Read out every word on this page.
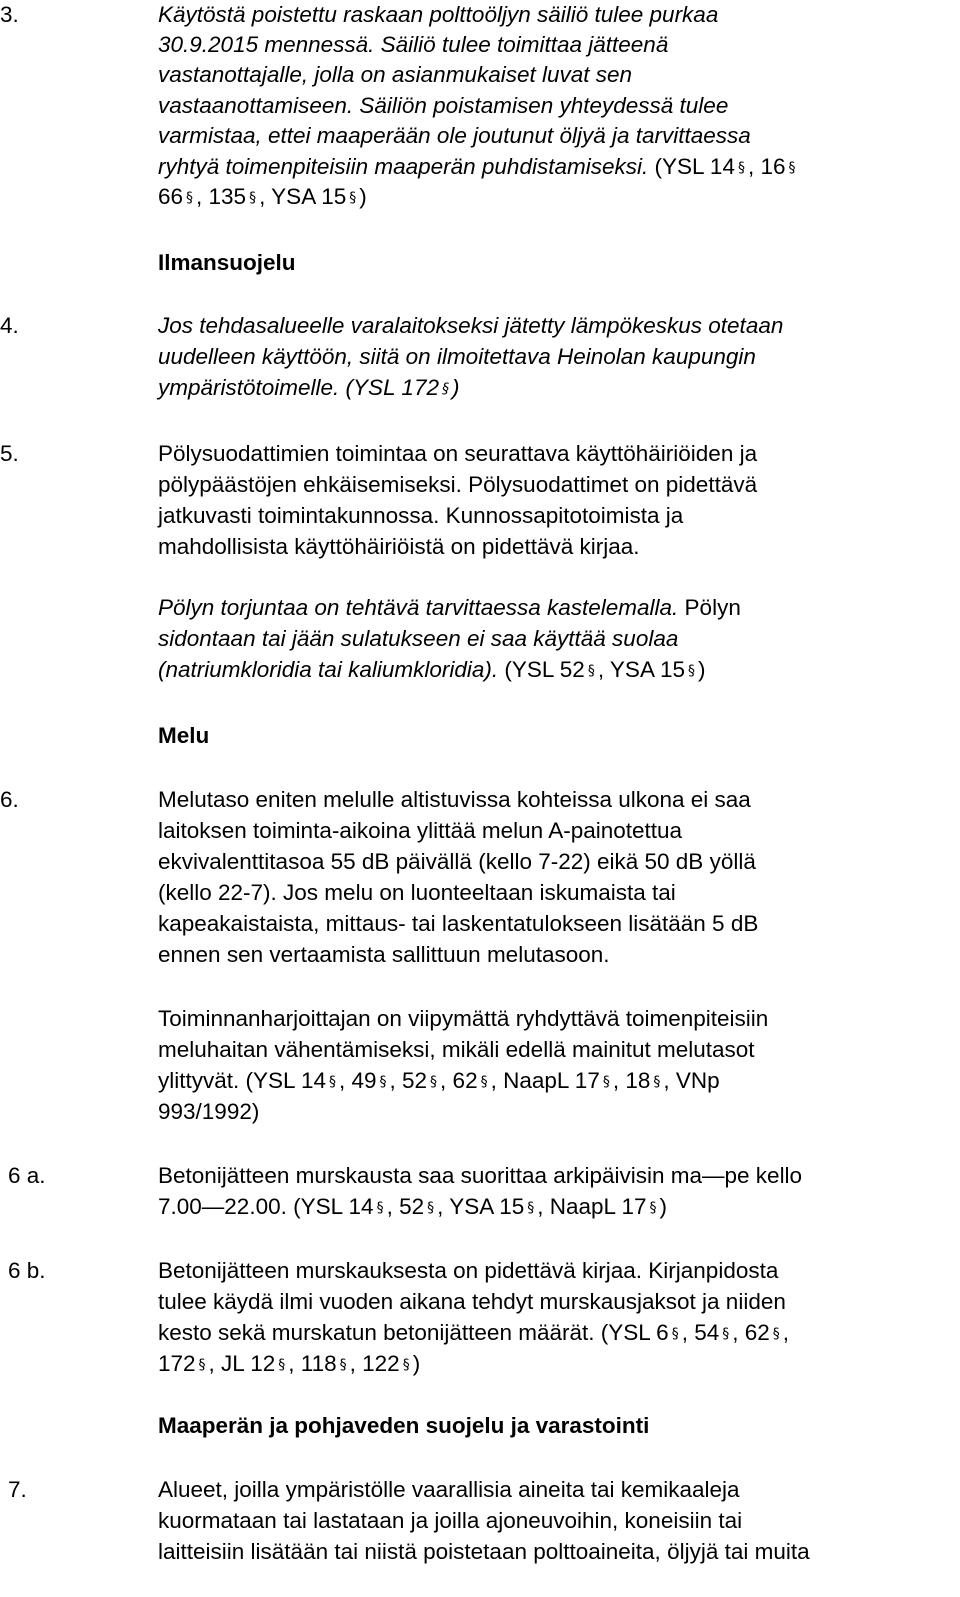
3.	Käytöstä poistettu raskaan polttoöljyn säiliö tulee purkaa
30.9.2015 mennessä. Säiliö tulee toimittaa jätteenä
vastanottajalle, jolla on asianmukaiset luvat sen
vastaanottamiseen. Säiliön poistamisen yhteydessä tulee
varmistaa, ettei maaperään ole joutunut öljyä ja tarvittaessa
ryhtyä toimenpiteisiin maaperän puhdistamiseksi. (YSL 14 § , 16 §
66 § , 135 § , YSA 15 § )
Ilmansuojelu
4.	Jos tehdasalueelle varalaitokseksi jätetty lämpökeskus otetaan
uudelleen käyttöön, siitä on ilmoitettava Heinolan kaupungin
ympäristötoimelle. (YSL 172 § )
5.	Pölysuodattimien toimintaa on seurattava käyttöhäiriöiden ja
pölypäästöjen ehkäisemiseksi. Pölysuodattimet on pidettävä
jatkuvasti toimintakunnossa. Kunnossapitotoimista ja
mahdollisista käyttöhäiriöistä on pidettävä kirjaa.
Pölyn torjuntaa on tehtävä tarvittaessa kastelemalla. Pölyn
sidontaan tai jään sulatukseen ei saa käyttää suolaa
(natriumkloridia tai kaliumkloridia). (YSL 52 § , YSA 15 § )
Melu
6.	Melutaso eniten melulle altistuvissa kohteissa ulkona ei saa
laitoksen toiminta-aikoina ylittää melun A-painotettua
ekvivalenttitasoa 55 dB päivällä (kello 7-22) eikä 50 dB yöllä
(kello 22-7). Jos melu on luonteeltaan iskumaista tai
kapeakaistaista, mittaus- tai laskentatulokseen lisätään 5 dB
ennen sen vertaamista sallittuun melutasoon.
Toiminnanharjoittajan on viipymättä ryhdyttävä toimenpiteisiin
meluhaitan vähentämiseksi, mikäli edellä mainitut melutasot
ylittyvät. (YSL 14 § , 49 § , 52 § , 62 § , NaapL 17 § , 18 § , VNp
993/1992)
6 a.	Betonijätteen murskausta saa suorittaa arkipäivisin ma—pe kello
7.00—22.00. (YSL 14 § , 52 § , YSA 15 § , NaapL 17 § )
6 b.	Betonijätteen murskauksesta on pidettävä kirjaa. Kirjanpidosta
tulee käydä ilmi vuoden aikana tehdyt murskausjaksot ja niiden
kesto sekä murskatun betonijätteen määrät. (YSL 6 § , 54 § , 62 § ,
172 § , JL 12 § , 118 § , 122 § )
Maaperän ja pohjaveden suojelu ja varastointi
7.	Alueet, joilla ympäristölle vaarallisia aineita tai kemikaaleja
kuormataan tai lastataan ja joilla ajoneuvoihin, koneisiin tai
laitteisiin lisätään tai niistä poistetaan polttoaineita, öljyjä tai muita
